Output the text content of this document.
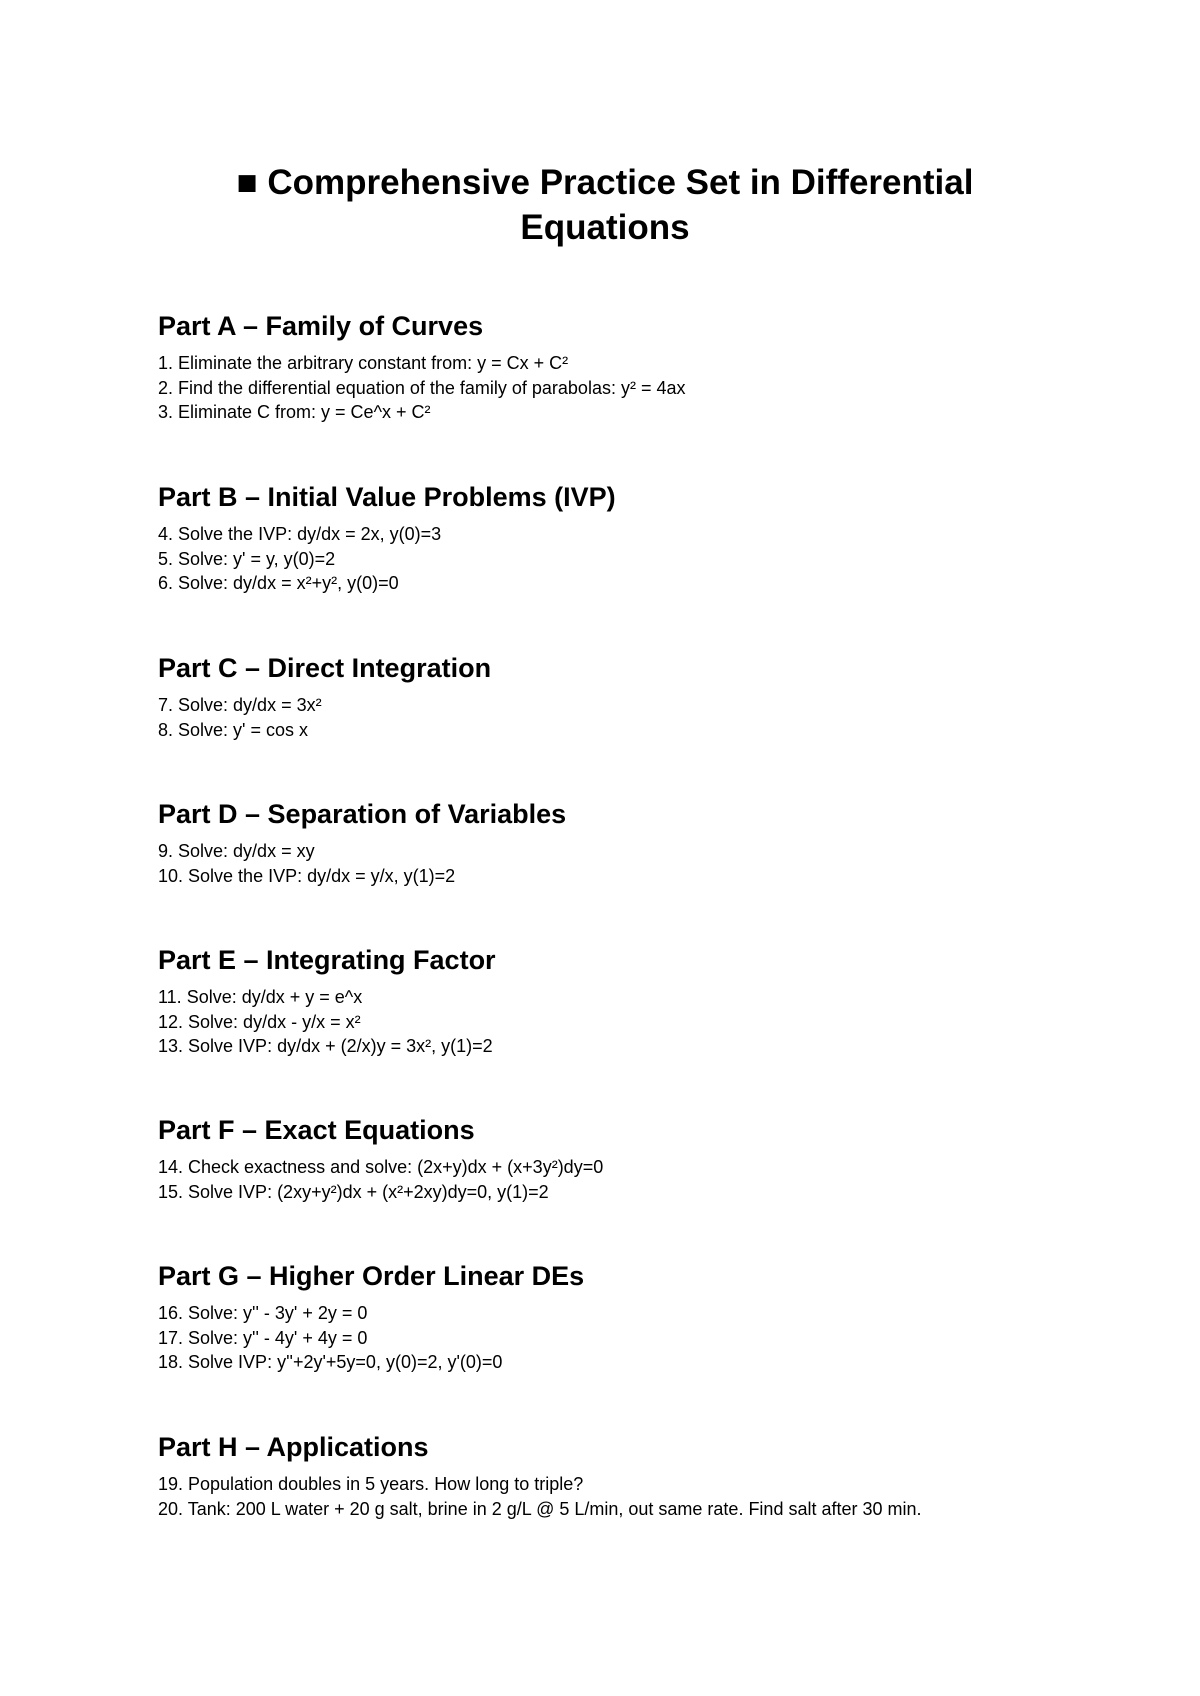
■ Comprehensive Practice Set in Differential Equations
Part A – Family of Curves
1. Eliminate the arbitrary constant from: y = Cx + C²
2. Find the differential equation of the family of parabolas: y² = 4ax
3. Eliminate C from: y = Ce^x + C²
Part B – Initial Value Problems (IVP)
4. Solve the IVP: dy/dx = 2x, y(0)=3
5. Solve: y' = y, y(0)=2
6. Solve: dy/dx = x²+y², y(0)=0
Part C – Direct Integration
7. Solve: dy/dx = 3x²
8. Solve: y' = cos x
Part D – Separation of Variables
9. Solve: dy/dx = xy
10. Solve the IVP: dy/dx = y/x, y(1)=2
Part E – Integrating Factor
11. Solve: dy/dx + y = e^x
12. Solve: dy/dx - y/x = x²
13. Solve IVP: dy/dx + (2/x)y = 3x², y(1)=2
Part F – Exact Equations
14. Check exactness and solve: (2x+y)dx + (x+3y²)dy=0
15. Solve IVP: (2xy+y²)dx + (x²+2xy)dy=0, y(1)=2
Part G – Higher Order Linear DEs
16. Solve: y'' - 3y' + 2y = 0
17. Solve: y'' - 4y' + 4y = 0
18. Solve IVP: y''+2y'+5y=0, y(0)=2, y'(0)=0
Part H – Applications
19. Population doubles in 5 years. How long to triple?
20. Tank: 200 L water + 20 g salt, brine in 2 g/L @ 5 L/min, out same rate. Find salt after 30 min.
